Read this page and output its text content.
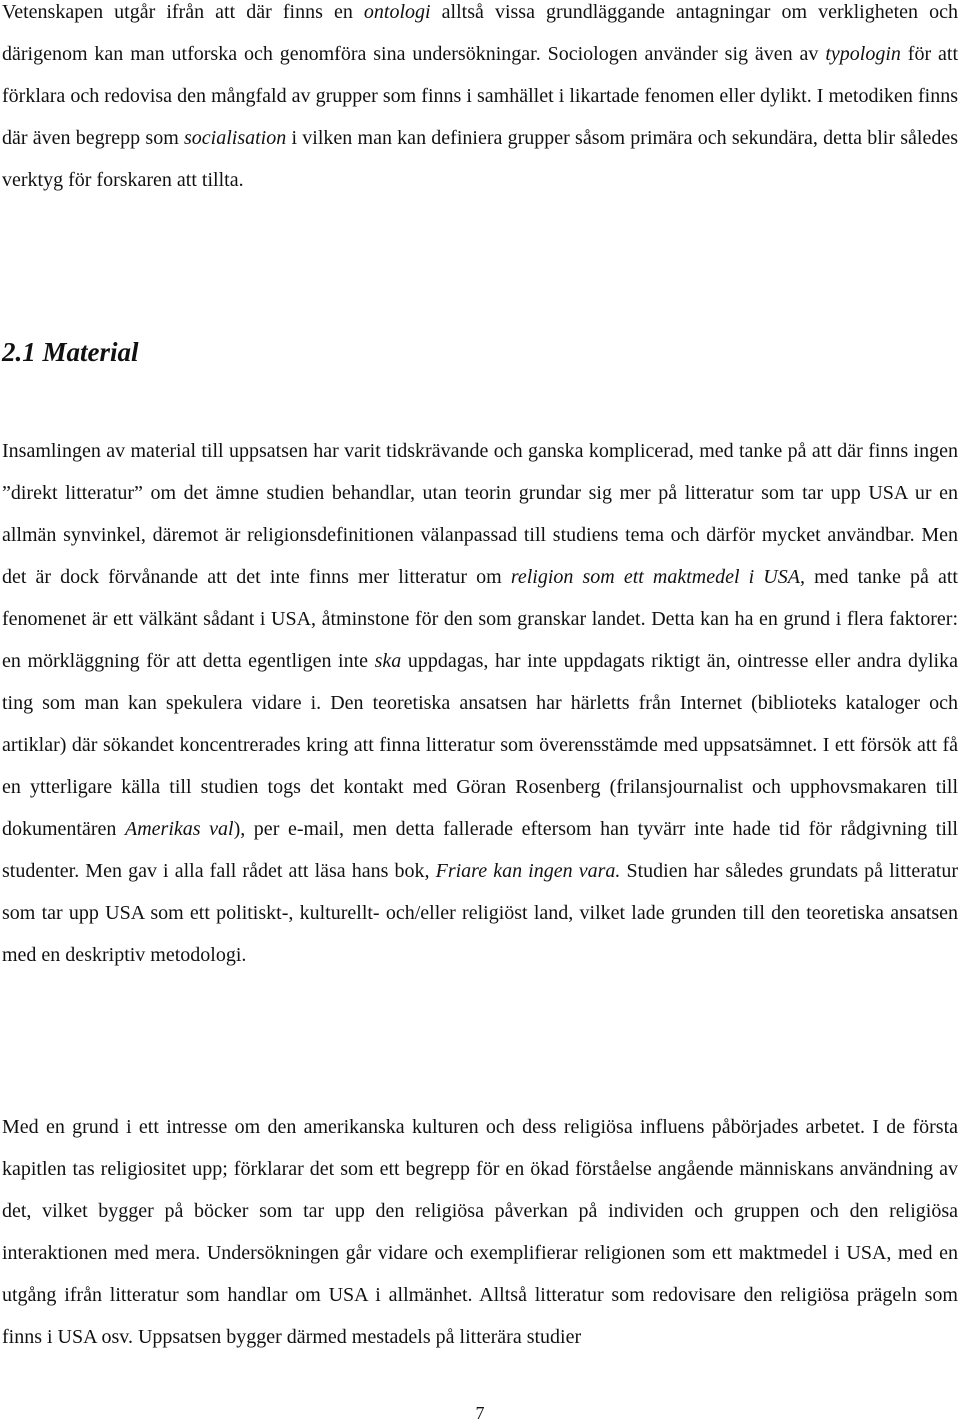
Vetenskapen utgår ifrån att där finns en ontologi alltså vissa grundläggande antagningar om verkligheten och därigenom kan man utforska och genomföra sina undersökningar. Sociologen använder sig även av typologin för att förklara och redovisa den mångfald av grupper som finns i samhället i likartade fenomen eller dylikt. I metodiken finns där även begrepp som socialisation i vilken man kan definiera grupper såsom primära och sekundära, detta blir således verktyg för forskaren att tillta.

2.1 Material

Insamlingen av material till uppsatsen har varit tidskrävande och ganska komplicerad, med tanke på att där finns ingen ”direkt litteratur” om det ämne studien behandlar, utan teorin grundar sig mer på litteratur som tar upp USA ur en allmän synvinkel, däremot är religionsdefinitionen välanpassad till studiens tema och därför mycket användbar. Men det är dock förvånande att det inte finns mer litteratur om religion som ett maktmedel i USA, med tanke på att fenomenet är ett välkänt sådant i USA, åtminstone för den som granskar landet. Detta kan ha en grund i flera faktorer: en mörkläggning för att detta egentligen inte ska uppdagas, har inte uppdagats riktigt än, ointresse eller andra dylika ting som man kan spekulera vidare i. Den teoretiska ansatsen har härletts från Internet (biblioteks kataloger och artiklar) där sökandet koncentrerades kring att finna litteratur som överensstämde med uppsatsämnet. I ett försök att få en ytterligare källa till studien togs det kontakt med Göran Rosenberg (frilansjournalist och upphovsmakaren till dokumentären Amerikas val), per e-mail, men detta fallerade eftersom han tyvärr inte hade tid för rådgivning till studenter. Men gav i alla fall rådet att läsa hans bok, Friare kan ingen vara. Studien har således grundats på litteratur som tar upp USA som ett politiskt-, kulturellt- och/eller religiöst land, vilket lade grunden till den teoretiska ansatsen med en deskriptiv metodologi.

Med en grund i ett intresse om den amerikanska kulturen och dess religiösa influens påbörjades arbetet. I de första kapitlen tas religiositet upp; förklarar det som ett begrepp för en ökad förståelse angående människans användning av det, vilket bygger på böcker som tar upp den religiösa påverkan på individen och gruppen och den religiösa interaktionen med mera. Undersökningen går vidare och exemplifierar religionen som ett maktmedel i USA, med en utgång ifrån litteratur som handlar om USA i allmänhet. Alltså litteratur som redovisare den religiösa prägeln som finns i USA osv. Uppsatsen bygger därmed mestadels på litterära studier

7
